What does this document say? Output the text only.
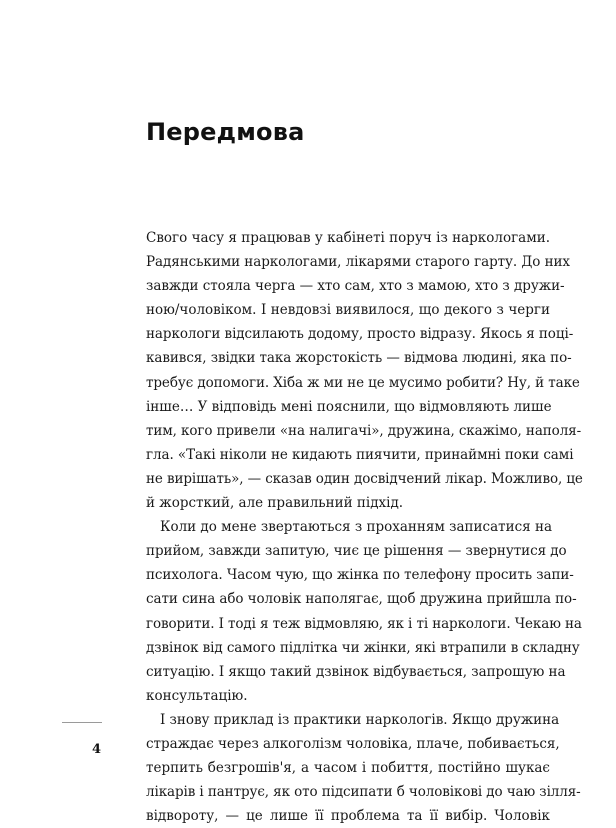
Передмова
Свого часу я працював у кабінеті поруч із наркологами.
Радянськими наркологами, лікарями старого гарту. До них
завжди стояла черга — хто сам, хто з мамою, хто з дружи-
ною/чоловіком. І невдовзі виявилося, що декого з черги
наркологи відсилають додому, просто відразу. Якось я поці-
кавився, звідки така жорстокість — відмова людині, яка по-
требує допомоги. Хіба ж ми не це мусимо робити? Ну, й таке
інше… У відповідь мені пояснили, що відмовляють лише
тим, кого привели «на налигачі», дружина, скажімо, наполя-
гла. «Такі ніколи не кидають пиячити, принаймні поки самі
не вирішать», — сказав один досвідчений лікар. Можливо, це
й жорсткий, але правильний підхід.
Коли до мене звертаються з проханням записатися на
прийом, завжди запитую, чиє це рішення — звернутися до
психолога. Часом чую, що жінка по телефону просить запи-
сати сина або чоловік наполягає, щоб дружина прийшла по-
говорити. І тоді я теж відмовляю, як і ті наркологи. Чекаю на
дзвінок від самого підлітка чи жінки, які втрапили в складну
ситуацію. І якщо такий дзвінок відбувається, запрошую на
консультацію.
І знову приклад із практики наркологів. Якщо дружина
страждає через алкоголізм чоловіка, плаче, побивається,
терпить безгрошів'я, а часом і побиття, постійно шукає
лікарів і пантрує, як ото підсипати б чоловікові до чаю зілля-
відвороту, — це лише її проблема та її вибір. Чоловік
4
